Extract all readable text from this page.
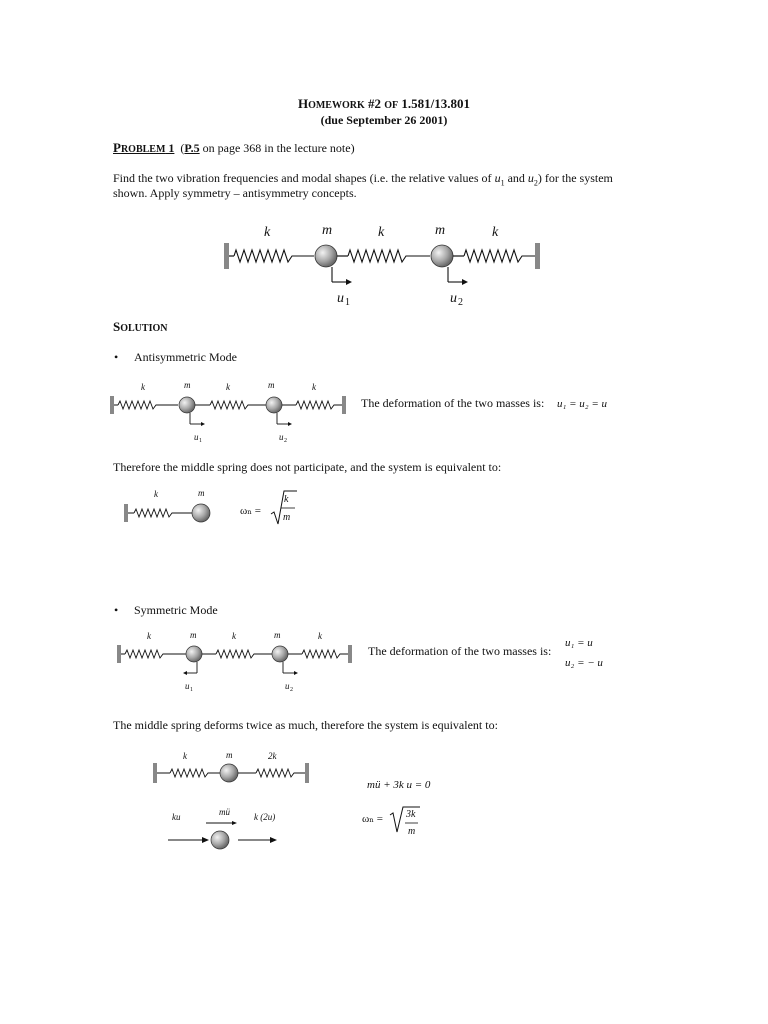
HOMEWORK #2 OF 1.581/13.801
(due September 26 2001)
PROBLEM 1 (P.5 on page 368 in the lecture note)
Find the two vibration frequencies and modal shapes (i.e. the relative values of $u_1$ and $u_2$) for the system
shown. Apply symmetry – antisymmetry concepts.
k	m	k	m	k
u 1	u 2
SOLUTION
• Antisymmetric Mode
k	m	k	m	k
u 1	u 2
The deformation of the two masses is: u₁ = u₂ = u
Therefore the middle spring does not participate, and the system is equivalent to:
k	m
ωₙ =
k
m
• Symmetric Mode
k	m	k	m	k
u 1	u 2
The deformation of the two masses is:
u₁ = u
u₂ = − u
The middle spring deforms twice as much, therefore the system is equivalent to:
k	m	2k
ku	mü	k (2u)
mü + 3k u = 0
ωₙ = 3k
m
